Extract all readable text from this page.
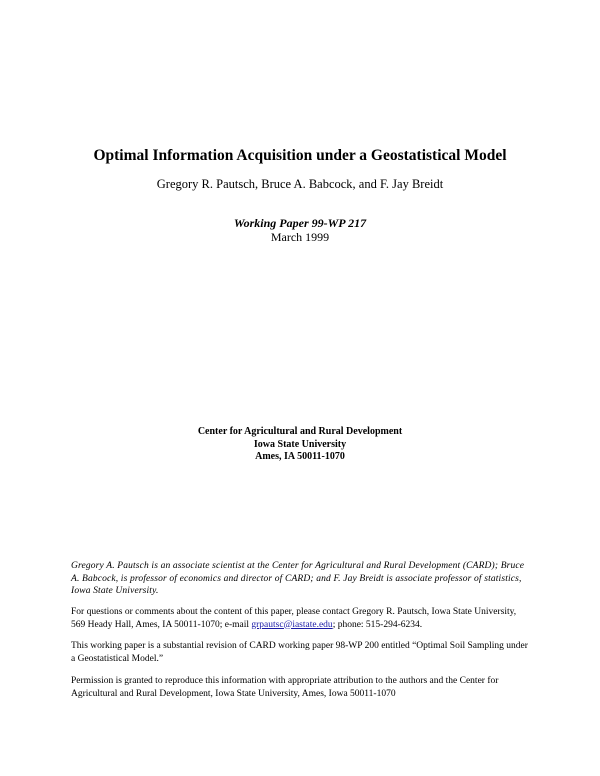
Optimal Information Acquisition under a Geostatistical Model
Gregory R. Pautsch, Bruce A. Babcock, and F. Jay Breidt
Working Paper 99-WP 217
March 1999
Center for Agricultural and Rural Development
Iowa State University
Ames, IA 50011-1070
Gregory A. Pautsch is an associate scientist at the Center for Agricultural and Rural Development (CARD); Bruce A. Babcock, is professor of economics and director of CARD; and F. Jay Breidt is associate professor of statistics, Iowa State University.
For questions or comments about the content of this paper, please contact Gregory R. Pautsch, Iowa State University, 569 Heady Hall, Ames, IA 50011-1070; e-mail grpautsc@iastate.edu; phone: 515-294-6234.
This working paper is a substantial revision of CARD working paper 98-WP 200 entitled “Optimal Soil Sampling under a Geostatistical Model.”
Permission is granted to reproduce this information with appropriate attribution to the authors and the Center for Agricultural and Rural Development, Iowa State University, Ames, Iowa 50011-1070
